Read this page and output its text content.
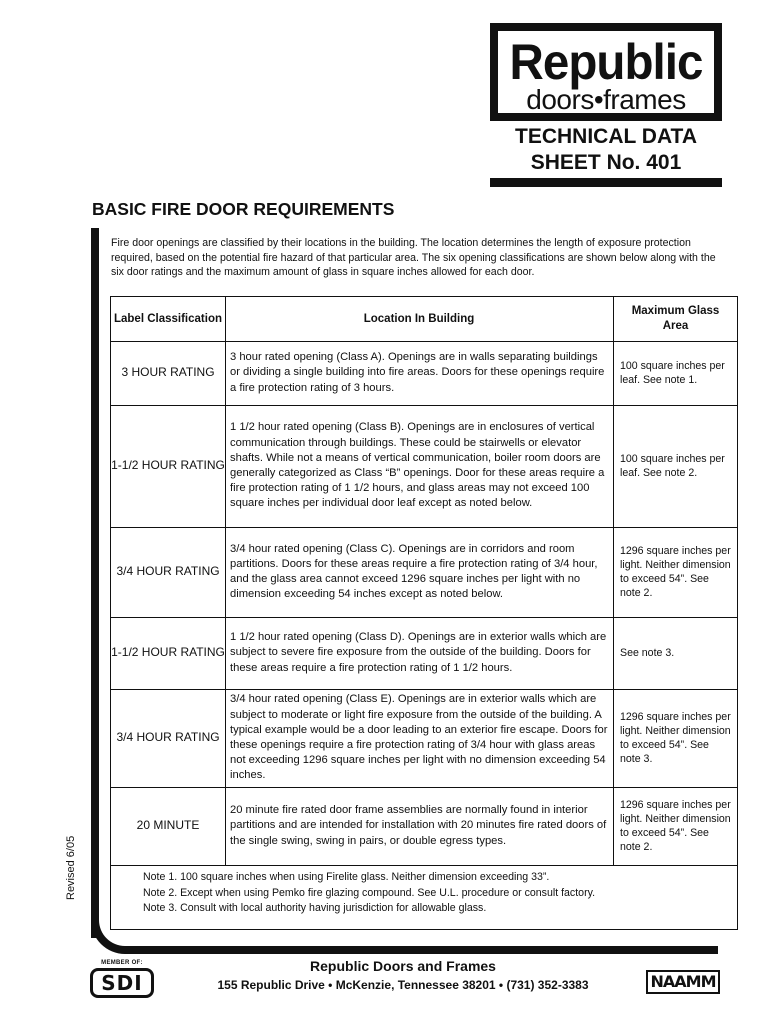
Republic
doors•frames
TECHNICAL DATA
SHEET No. 401
BASIC FIRE DOOR REQUIREMENTS
Revised 6/05
Fire door openings are classified by their locations in the building. The location determines the length of exposure protection required, based on the potential fire hazard of that particular area. The six opening classifications are shown below along with the six door ratings and the maximum amount of glass in square inches allowed for each door.
Label Classification	Location In Building
Maximum Glass Area
3 HOUR RATING
3 hour rated opening (Class A). Openings are in walls separating buildings or dividing a single building into fire areas. Doors for these openings require a fire protection rating of 3 hours.
100 square inches per leaf. See note 1.
1-1/2 HOUR RATING
1 1/2 hour rated opening (Class B). Openings are in enclosures of vertical communication through buildings. These could be stairwells or elevator shafts. While not a means of vertical communication, boiler room doors are generally categorized as Class “B” openings. Door for these areas require a fire protection rating of 1 1/2 hours, and glass areas may not exceed 100 square inches per individual door leaf except as noted below.
100 square inches per leaf. See note 2.
3/4 HOUR RATING
3/4 hour rated opening (Class C). Openings are in corridors and room partitions. Doors for these areas require a fire protection rating of 3/4 hour, and the glass area cannot exceed 1296 square inches per light with no dimension exceeding 54 inches except as noted below.
1296 square inches per light. Neither dimension to exceed 54”. See note 2.
1-1/2 HOUR RATING
1 1/2 hour rated opening (Class D). Openings are in exterior walls which are subject to severe fire exposure from the outside of the building. Doors for these areas require a fire protection rating of 1 1/2 hours.
See note 3.
3/4 HOUR RATING
3/4 hour rated opening (Class E). Openings are in exterior walls which are subject to moderate or light fire exposure from the outside of the building. A typical example would be a door leading to an exterior fire escape. Doors for these openings require a fire protection rating of 3/4 hour with glass areas not exceeding 1296 square inches per light with no dimension exceeding 54 inches.
1296 square inches per light. Neither dimension to exceed 54”. See note 3.
20 MINUTE
20 minute fire rated door frame assemblies are normally found in interior partitions and are intended for installation with 20 minutes fire rated doors of the single swing, swing in pairs, or double egress types.
1296 square inches per light. Neither dimension to exceed 54”. See note 2.
Note 1. 100 square inches when using Firelite glass. Neither dimension exceeding 33”.
Note 2. Except when using Pemko fire glazing compound. See U.L. procedure or consult factory.
Note 3. Consult with local authority having jurisdiction for allowable glass.
MEMBER OF:
SDI
Republic Doors and Frames
155 Republic Drive • McKenzie, Tennessee 38201 • (731) 352-3383	NAAMM
